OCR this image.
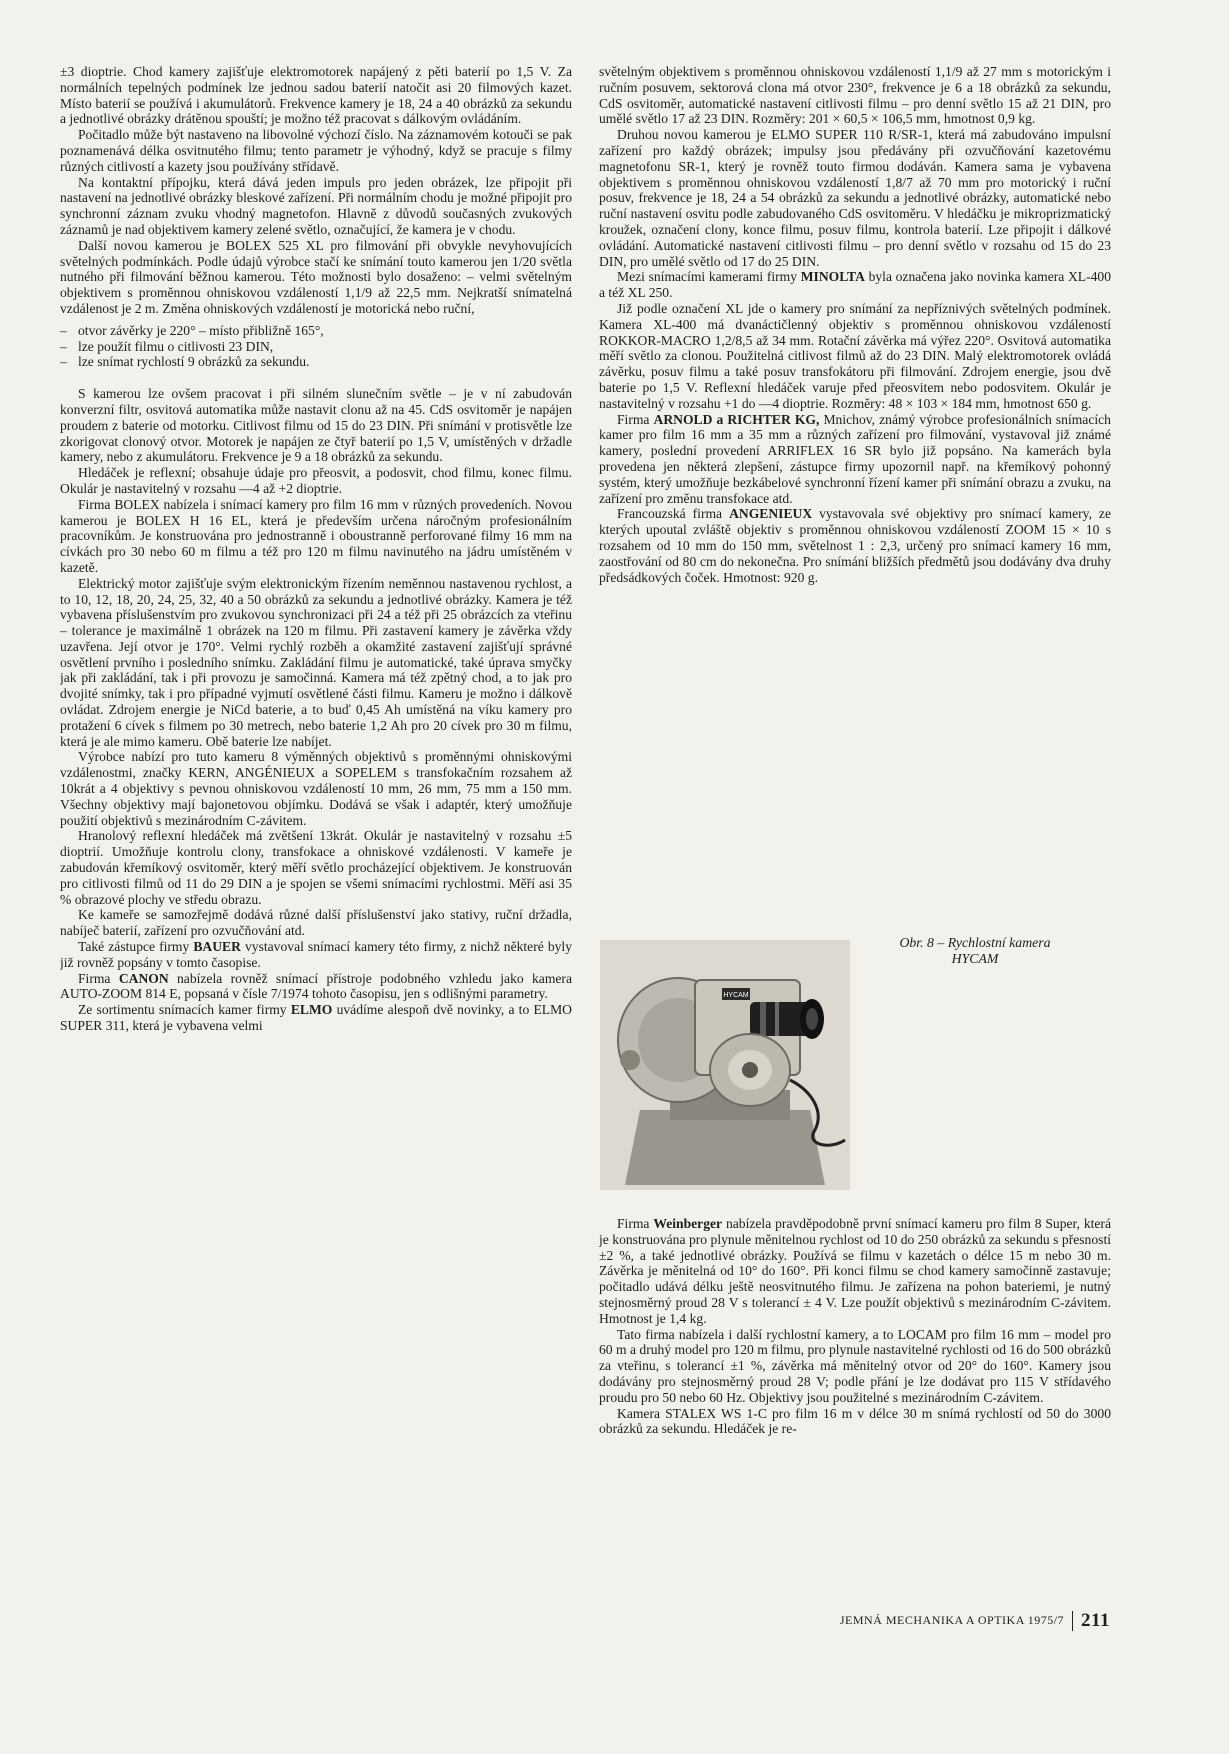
±3 dioptrie. Chod kamery zajišťuje elektromotorek napájený z pěti baterií po 1,5 V. Za normálních tepelných podmínek lze jednou sadou baterií natočit asi 20 filmových kazet. Místo baterií se používá i akumulátorů. Frekvence kamery je 18, 24 a 40 obrázků za sekundu a jednotlivé obrázky drátěnou spouští; je možno též pracovat s dálkovým ovládáním.

Počitadlo může být nastaveno na libovolné výchozí číslo. Na záznamovém kotouči se pak poznamenává délka osvitnutého filmu; tento parametr je výhodný, když se pracuje s filmy různých citlivostí a kazety jsou používány střídavě.

Na kontaktní přípojku, která dává jeden impuls pro jeden obrázek, lze připojit při nastavení na jednotlivé obrázky bleskové zařízení. Při normálním chodu je možné připojit pro synchronní záznam zvuku vhodný magnetofon. Hlavně z důvodů současných zvukových záznamů je nad objektivem kamery zelené světlo, označující, že kamera je v chodu.

Další novou kamerou je BOLEX 525 XL pro filmování při obvykle nevyhovujících světelných podmínkách. Podle údajů výrobce stačí ke snímání touto kamerou jen 1/20 světla nutného při filmování běžnou kamerou. Této možnosti bylo dosaženo: – velmi světelným objektivem s proměnnou ohniskovou vzdáleností 1,1/9 až 22,5 mm. Nejkratší snímatelná vzdálenost je 2 m. Změna ohniskových vzdáleností je motorická nebo ruční,

– otvor závěrky je 220° – místo přibližně 165°,
– lze použít filmu o citlivosti 23 DIN,
– lze snímat rychlostí 9 obrázků za sekundu.

S kamerou lze ovšem pracovat i při silném slunečním světle – je v ní zabudován konverzní filtr, osvitová automatika může nastavit clonu až na 45. CdS osvitoměr je napájen proudem z baterie od motorku. Citlivost filmu od 15 do 23 DIN. Při snímání v protisvětle lze zkorigovat clonový otvor. Motorek je napájen ze čtyř baterií po 1,5 V, umístěných v držadle kamery, nebo z akumulátoru. Frekvence je 9 a 18 obrázků za sekundu.

Hledáček je reflexní; obsahuje údaje pro přeosvit, a podosvit, chod filmu, konec filmu. Okulár je nastavitelný v rozsahu —4 až +2 dioptrie.

Firma BOLEX nabízela i snímací kamery pro film 16 mm v různých provedeních. Novou kamerou je BOLEX H 16 EL, která je především určena náročným profesionálním pracovníkům. Je konstruována pro jednostranně i oboustranně perforované filmy 16 mm na cívkách pro 30 nebo 60 m filmu a též pro 120 m filmu navinutého na jádru umístěném v kazetě.

Elektrický motor zajišťuje svým elektronickým řízením neměnnou nastavenou rychlost, a to 10, 12, 18, 20, 24, 25, 32, 40 a 50 obrázků za sekundu a jednotlivé obrázky. Kamera je též vybavena příslušenstvím pro zvukovou synchronizaci při 24 a též při 25 obrázcích za vteřinu – tolerance je maximálně 1 obrázek na 120 m filmu. Při zastavení kamery je závěrka vždy uzavřena. Její otvor je 170°. Velmi rychlý rozběh a okamžité zastavení zajišťují správné osvětlení prvního i posledního snímku. Zakládání filmu je automatické, také úprava smyčky jak při zakládání, tak i při provozu je samočinná. Kamera má též zpětný chod, a to jak pro dvojité snímky, tak i pro případné vyjmutí osvětlené části filmu. Kameru je možno i dálkově ovládat. Zdrojem energie je NiCd baterie, a to buď 0,45 Ah umístěná na víku kamery pro protažení 6 cívek s filmem po 30 metrech, nebo baterie 1,2 Ah pro 20 cívek pro 30 m filmu, která je ale mimo kameru. Obě baterie lze nabíjet.

Výrobce nabízí pro tuto kameru 8 výměnných objektivů s proměnnými ohniskovými vzdálenostmi, značky KERN, ANGÉNIEUX a SOPELEM s transfokačním rozsahem až 10krát a 4 objektivy s pevnou ohniskovou vzdáleností 10 mm, 26 mm, 75 mm a 150 mm. Všechny objektivy mají bajonetovou objímku. Dodává se však i adaptér, který umožňuje použití objektivů s mezinárodním C-závitem.

Hranolový reflexní hledáček má zvětšení 13krát. Okulár je nastavitelný v rozsahu ±5 dioptrií. Umožňuje kontrolu clony, transfokace a ohniskové vzdálenosti. V kameře je zabudován křemíkový osvitoměr, který měří světlo procházející objektivem. Je konstruován pro citlivosti filmů od 11 do 29 DIN a je spojen se všemi snímacími rychlostmi. Měří asi 35 % obrazové plochy ve středu obrazu.

Ke kameře se samozřejmě dodává různé další příslušenství jako stativy, ruční držadla, nabíječ baterií, zařízení pro ozvučňování atd.

Také zástupce firmy BAUER vystavoval snímací kamery této firmy, z nichž některé byly již rovněž popsány v tomto časopise.

Firma CANON nabízela rovněž snímací přístroje podobného vzhledu jako kamera AUTO-ZOOM 814 E, popsaná v čísle 7/1974 tohoto časopisu, jen s odlišnými parametry.

Ze sortimentu snímacích kamer firmy ELMO uvádíme alespoň dvě novinky, a to ELMO SUPER 311, která je vybavena velmi

světelným objektivem s proměnnou ohniskovou vzdáleností 1,1/9 až 27 mm s motorickým i ručním posuvem, sektorová clona má otvor 230°, frekvence je 6 a 18 obrázků za sekundu, CdS osvitoměr, automatické nastavení citlivosti filmu – pro denní světlo 15 až 21 DIN, pro umělé světlo 17 až 23 DIN. Rozměry: 201 × 60,5 × 106,5 mm, hmotnost 0,9 kg.

Druhou novou kamerou je ELMO SUPER 110 R/SR-1, která má zabudováno impulsní zařízení pro každý obrázek; impulsy jsou předávány při ozvučňování kazetovému magnetofonu SR-1, který je rovněž touto firmou dodáván. Kamera sama je vybavena objektivem s proměnnou ohniskovou vzdáleností 1,8/7 až 70 mm pro motorický i ruční posuv, frekvence je 18, 24 a 54 obrázků za sekundu a jednotlivé obrázky, automatické nebo ruční nastavení osvitu podle zabudovaného CdS osvitoměru. V hledáčku je mikroprizmatický kroužek, označení clony, konce filmu, posuv filmu, kontrola baterií. Lze připojit i dálkové ovládání. Automatické nastavení citlivosti filmu – pro denní světlo v rozsahu od 15 do 23 DIN, pro umělé světlo od 17 do 25 DIN.

Mezi snímacími kamerami firmy MINOLTA byla označena jako novinka kamera XL-400 a též XL 250.

Již podle označení XL jde o kamery pro snímání za nepříznivých světelných podmínek. Kamera XL-400 má dvanáctičlenný objektiv s proměnnou ohniskovou vzdáleností ROKKOR-MACRO 1,2/8,5 až 34 mm. Rotační závěrka má výřez 220°. Osvitová automatika měří světlo za clonou. Použitelná citlivost filmů až do 23 DIN. Malý elektromotorek ovládá závěrku, posuv filmu a také posuv transfokátoru při filmování. Zdrojem energie, jsou dvě baterie po 1,5 V. Reflexní hledáček varuje před přeosvitem nebo podosvitem. Okulár je nastavitelný v rozsahu +1 do —4 dioptrie. Rozměry: 48 × 103 × 184 mm, hmotnost 650 g.

Firma ARNOLD a RICHTER KG, Mnichov, známý výrobce profesionálních snímacích kamer pro film 16 mm a 35 mm a různých zařízení pro filmování, vystavoval již známé kamery, poslední provedení ARRIFLEX 16 SR bylo již popsáno. Na kamerách byla provedena jen některá zlepšení, zástupce firmy upozornil např. na křemíkový pohonný systém, který umožňuje bezkábelové synchronní řízení kamer při snímání obrazu a zvuku, na zařízení pro změnu transfokace atd.

Francouzská firma ANGENIEUX vystavovala své objektivy pro snímací kamery, ze kterých upoutal zvláště objektiv s proměnnou ohniskovou vzdáleností ZOOM 15 × 10 s rozsahem od 10 mm do 150 mm, světelnost 1 : 2,3, určený pro snímací kamery 16 mm, zaostřování od 80 cm do nekonečna. Pro snímání bližších předmětů jsou dodávány dva druhy předsádkových čoček. Hmotnost: 920 g.

HYCAM
Obr. 8 – Rychlostní kamera
HYCAM

Firma Weinberger nabízela pravděpodobně první snímací kameru pro film 8 Super, která je konstruována pro plynule měnitelnou rychlost od 10 do 250 obrázků za sekundu s přesností ±2 %, a také jednotlivé obrázky. Používá se filmu v kazetách o délce 15 m nebo 30 m. Závěrka je měnitelná od 10° do 160°. Při konci filmu se chod kamery samočinně zastavuje; počitadlo udává délku ještě neosvitnutého filmu. Je zařízena na pohon bateriemi, je nutný stejnosměrný proud 28 V s tolerancí ± 4 V. Lze použít objektivů s mezinárodním C-závitem. Hmotnost je 1,4 kg.

Tato firma nabízela i další rychlostní kamery, a to LOCAM pro film 16 mm – model pro 60 m a druhý model pro 120 m filmu, pro plynule nastavitelné rychlosti od 16 do 500 obrázků za vteřinu, s tolerancí ±1 %, závěrka má měnitelný otvor od 20° do 160°. Kamery jsou dodávány pro stejnosměrný proud 28 V; podle přání je lze dodávat pro 115 V střídavého proudu pro 50 nebo 60 Hz. Objektivy jsou použitelné s mezinárodním C-závitem.

Kamera STALEX WS 1-C pro film 16 m v délce 30 m snímá rychlostí od 50 do 3000 obrázků za sekundu. Hledáček je re-

JEMNÁ MECHANIKA A OPTIKA 1975/7 211
